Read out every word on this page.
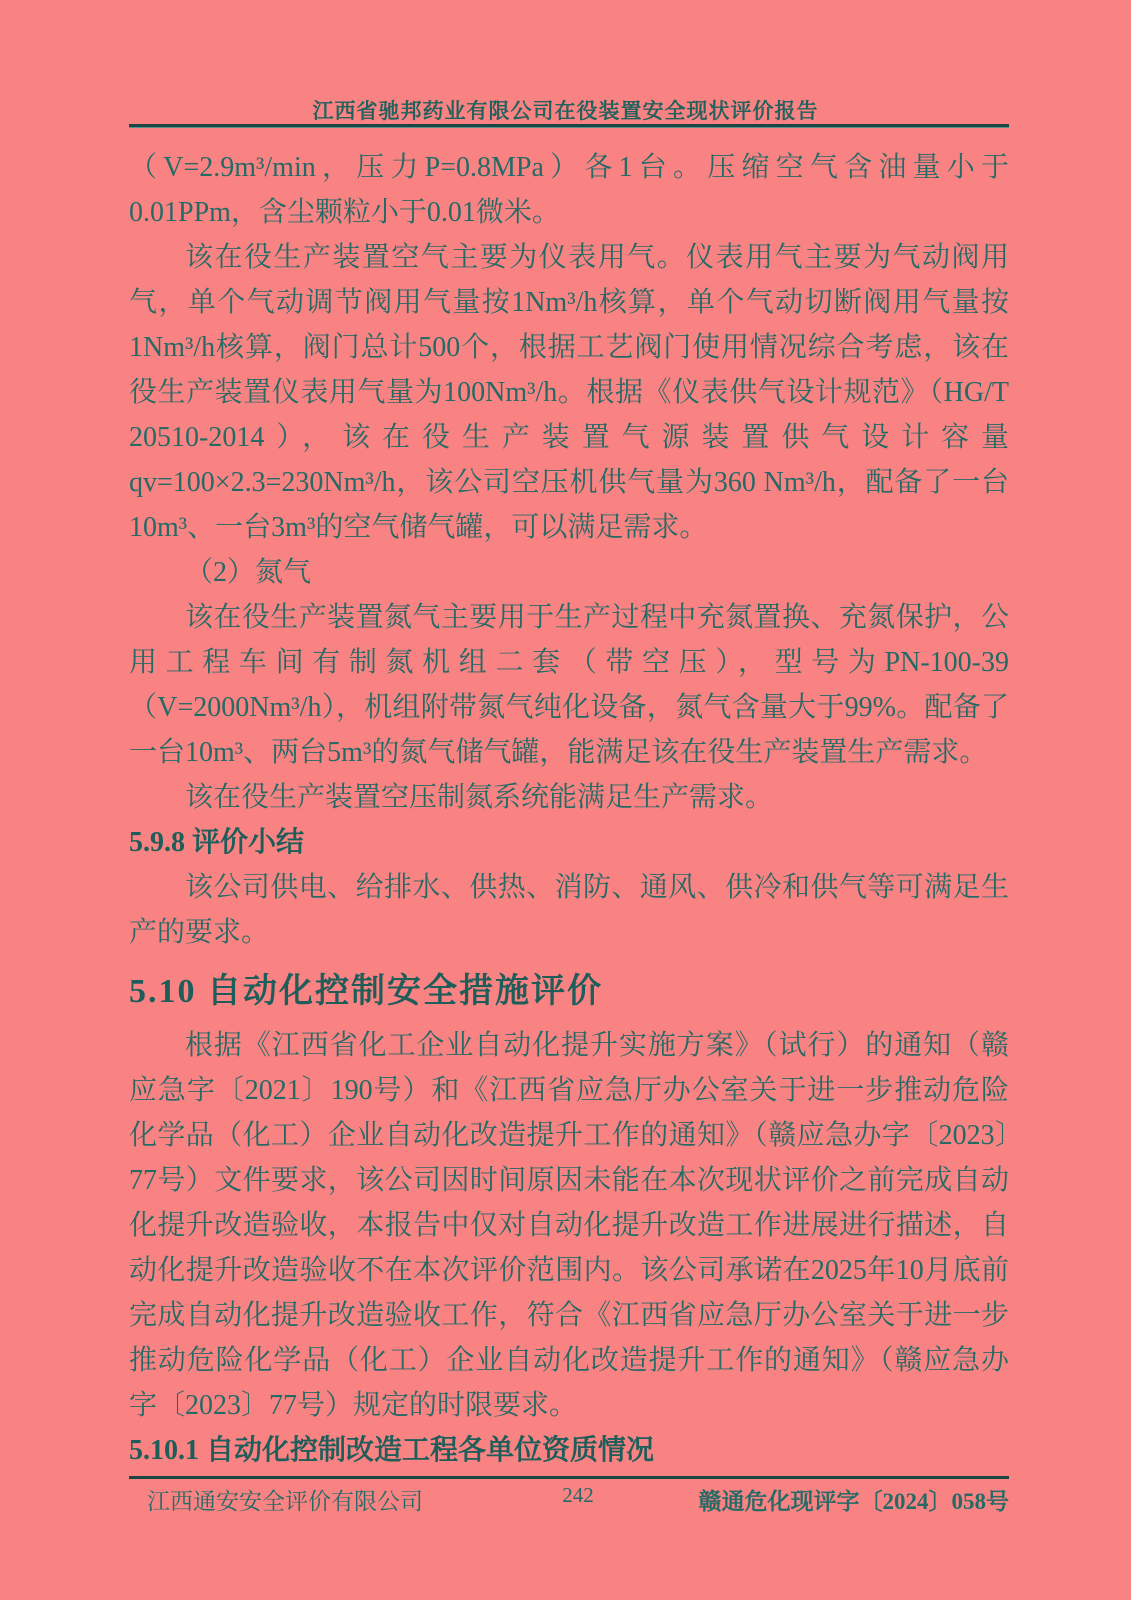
江西省驰邦药业有限公司在役装置安全现状评价报告

（V=2.9m³/min，压力P=0.8MPa）各1台。压缩空气含油量小于0.01PPm，含尘颗粒小于0.01微米。

该在役生产装置空气主要为仪表用气。仪表用气主要为气动阀用气，单个气动调节阀用气量按1Nm³/h核算，单个气动切断阀用气量按1Nm³/h核算，阀门总计500个，根据工艺阀门使用情况综合考虑，该在役生产装置仪表用气量为100Nm³/h。根据《仪表供气设计规范》（HG/T 20510-2014），该在役生产装置气源装置供气设计容量qv=100×2.3=230Nm³/h，该公司空压机供气量为360 Nm³/h，配备了一台10m³、一台3m³的空气储气罐，可以满足需求。

（2）氮气

该在役生产装置氮气主要用于生产过程中充氮置换、充氮保护，公用工程车间有制氮机组二套（带空压），型号为PN-100-39（V=2000Nm³/h），机组附带氮气纯化设备，氮气含量大于99%。配备了一台10m³、两台5m³的氮气储气罐，能满足该在役生产装置生产需求。

该在役生产装置空压制氮系统能满足生产需求。

5.9.8 评价小结

该公司供电、给排水、供热、消防、通风、供冷和供气等可满足生产的要求。

5.10 自动化控制安全措施评价

根据《江西省化工企业自动化提升实施方案》（试行）的通知（赣应急字〔2021〕190号）和《江西省应急厅办公室关于进一步推动危险化学品（化工）企业自动化改造提升工作的通知》（赣应急办字〔2023〕77号）文件要求，该公司因时间原因未能在本次现状评价之前完成自动化提升改造验收，本报告中仅对自动化提升改造工作进展进行描述，自动化提升改造验收不在本次评价范围内。该公司承诺在2025年10月底前完成自动化提升改造验收工作，符合《江西省应急厅办公室关于进一步推动危险化学品（化工）企业自动化改造提升工作的通知》（赣应急办字〔2023〕77号）规定的时限要求。

5.10.1 自动化控制改造工程各单位资质情况

江西通安安全评价有限公司	242	赣通危化现评字〔2024〕058号
